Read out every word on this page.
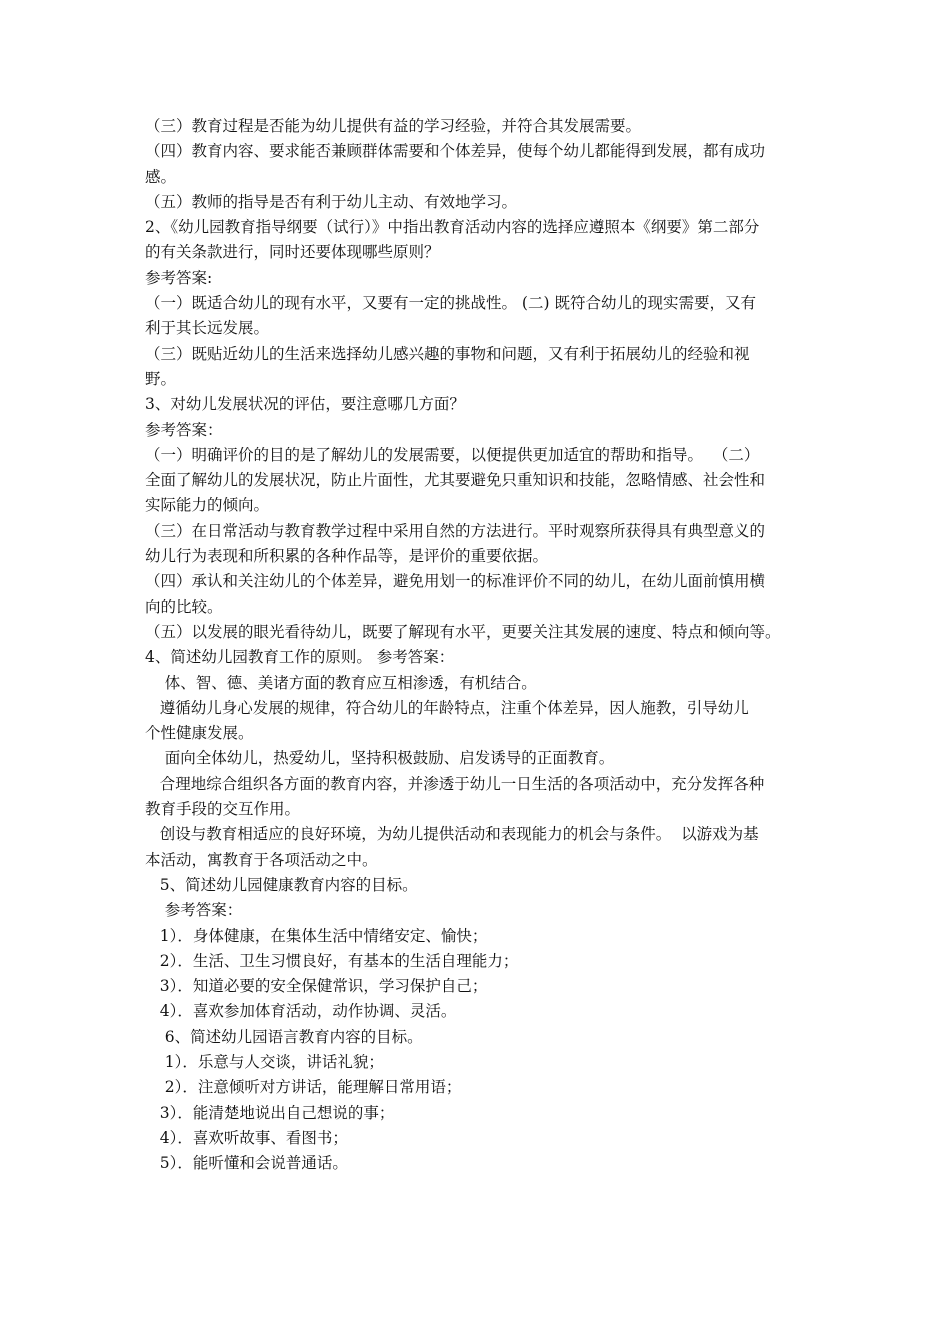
（三）教育过程是否能为幼儿提供有益的学习经验，并符合其发展需要。
（四）教育内容、要求能否兼顾群体需要和个体差异，使每个幼儿都能得到发展，都有成功
感。
（五）教师的指导是否有利于幼儿主动、有效地学习。
2、《幼儿园教育指导纲要（试行）》中指出教育活动内容的选择应遵照本《纲要》第二部分
的有关条款进行，同时还要体现哪些原则？
参考答案:
（一）既适合幼儿的现有水平，又要有一定的挑战性。 (二) 既符合幼儿的现实需要，又有
利于其长远发展。
（三）既贴近幼儿的生活来选择幼儿感兴趣的事物和问题，又有利于拓展幼儿的经验和视
野。
3、对幼儿发展状况的评估，要注意哪几方面？
参考答案：
（一）明确评价的目的是了解幼儿的发展需要，以便提供更加适宜的帮助和指导。  （二）
全面了解幼儿的发展状况，防止片面性，尤其要避免只重知识和技能，忽略情感、社会性和
实际能力的倾向。
（三）在日常活动与教育教学过程中采用自然的方法进行。平时观察所获得具有典型意义的
幼儿行为表现和所积累的各种作品等，是评价的重要依据。
（四）承认和关注幼儿的个体差异，避免用划一的标准评价不同的幼儿，在幼儿面前慎用横
向的比较。
（五）以发展的眼光看待幼儿，既要了解现有水平，更要关注其发展的速度、特点和倾向等。
4、简述幼儿园教育工作的原则。 参考答案：
体、智、德、美诸方面的教育应互相渗透，有机结合。
遵循幼儿身心发展的规律，符合幼儿的年龄特点，注重个体差异，因人施教，引导幼儿
个性健康发展。
面向全体幼儿，热爱幼儿，坚持积极鼓励、启发诱导的正面教育。
合理地综合组织各方面的教育内容，并渗透于幼儿一日生活的各项活动中，充分发挥各种
教育手段的交互作用。
创设与教育相适应的良好环境，为幼儿提供活动和表现能力的机会与条件。  以游戏为基
本活动，寓教育于各项活动之中。
5、简述幼儿园健康教育内容的目标。
参考答案：
1）．身体健康，在集体生活中情绪安定、愉快；
2）．生活、卫生习惯良好，有基本的生活自理能力；
3）．知道必要的安全保健常识，学习保护自己；
4）．喜欢参加体育活动，动作协调、灵活。
6、简述幼儿园语言教育内容的目标。
1）．乐意与人交谈，讲话礼貌；
2）．注意倾听对方讲话，能理解日常用语；
3）．能清楚地说出自己想说的事；
4）．喜欢听故事、看图书；
5）．能听懂和会说普通话。
